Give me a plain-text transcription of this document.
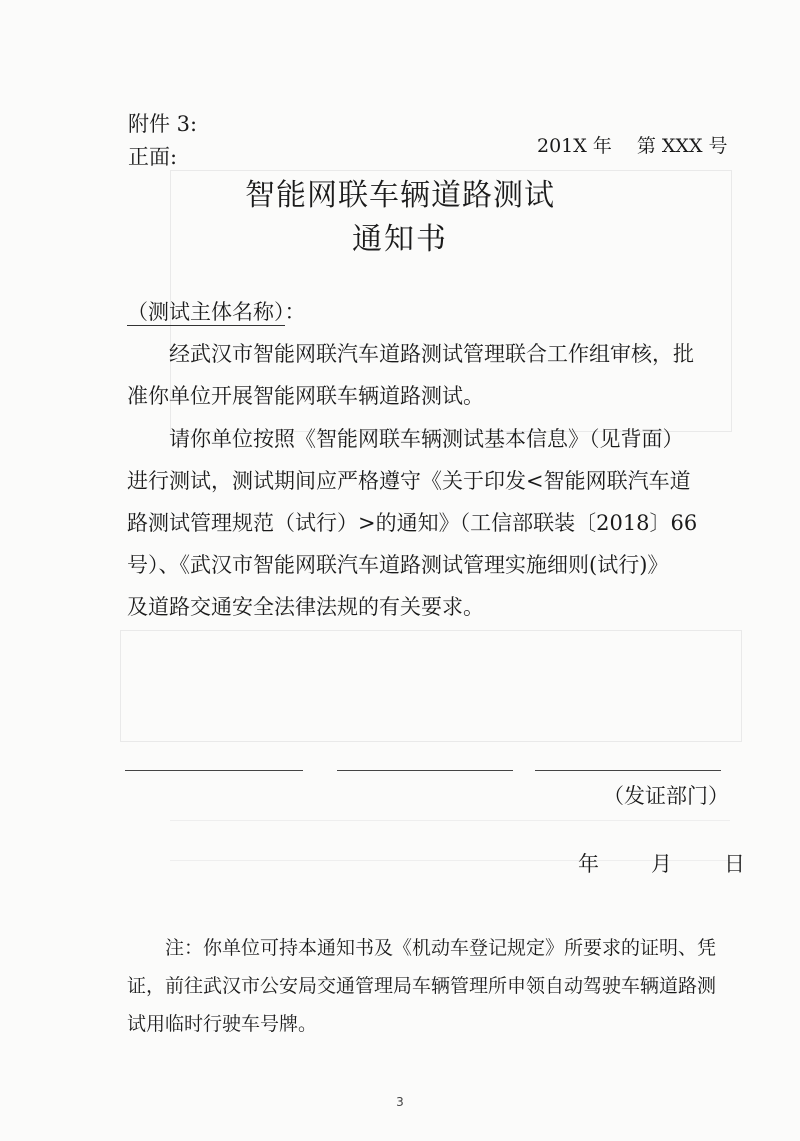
附件 3:
正面:	201X 年　 第 XXX 号
智能网联车辆道路测试
通知书
（测试主体名称）：
　　经武汉市智能网联汽车道路测试管理联合工作组审核，批
准你单位开展智能网联车辆道路测试。
　　请你单位按照《智能网联车辆测试基本信息》（见背面）
进行测试，测试期间应严格遵守《关于印发<智能网联汽车道
路测试管理规范（试行）>的通知》（工信部联装〔2018〕66
号）、《武汉市智能网联汽车道路测试管理实施细则(试行)》
及道路交通安全法律法规的有关要求。
（发证部门）
年 月 日
　　注：你单位可持本通知书及《机动车登记规定》所要求的证明、凭
证，前往武汉市公安局交通管理局车辆管理所申领自动驾驶车辆道路测
试用临时行驶车号牌。
3
